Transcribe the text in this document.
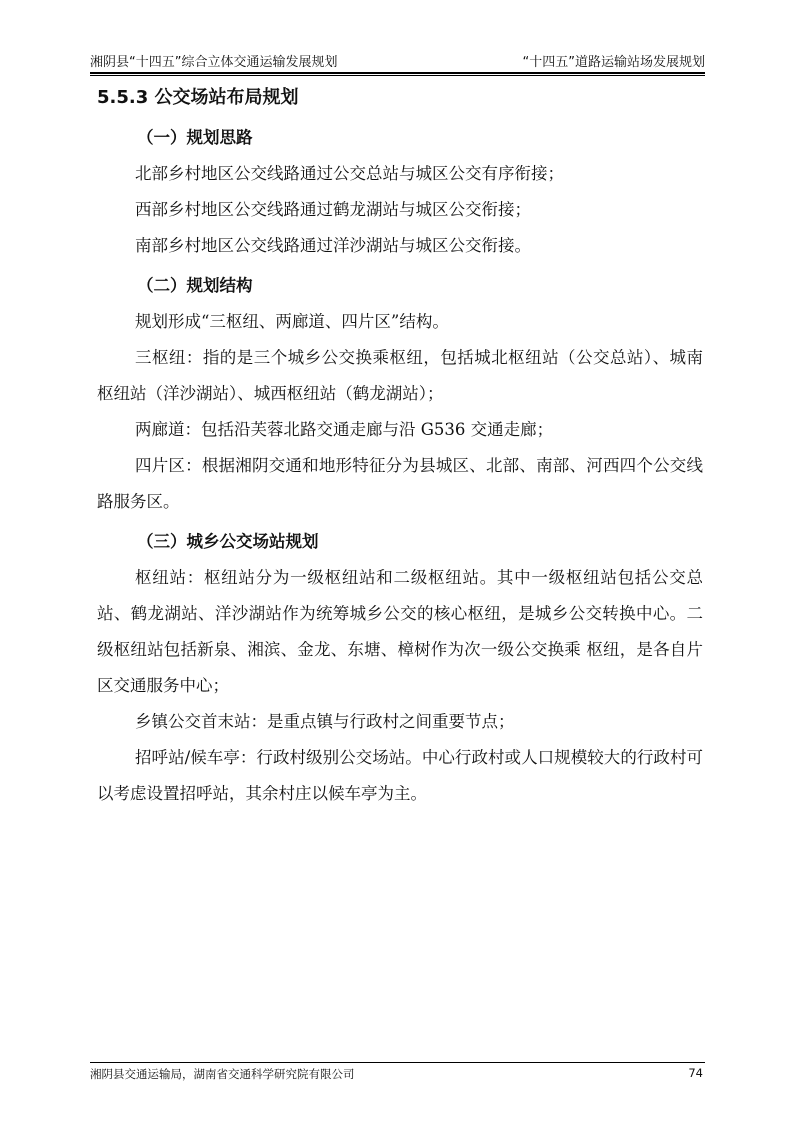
湘阴县“十四五”综合立体交通运输发展规划	“十四五”道路运输站场发展规划
5.5.3 公交场站布局规划
（一）规划思路

北部乡村地区公交线路通过公交总站与城区公交有序衔接；

西部乡村地区公交线路通过鹤龙湖站与城区公交衔接；

南部乡村地区公交线路通过洋沙湖站与城区公交衔接。

（二）规划结构

规划形成“三枢纽、两廊道、四片区”结构。

三枢纽：指的是三个城乡公交换乘枢纽，包括城北枢纽站（公交总站）、城南枢纽站（洋沙湖站）、城西枢纽站（鹤龙湖站）；

两廊道：包括沿芙蓉北路交通走廊与沿 G536 交通走廊；

四片区：根据湘阴交通和地形特征分为县城区、北部、南部、河西四个公交线路服务区。

（三）城乡公交场站规划

枢纽站：枢纽站分为一级枢纽站和二级枢纽站。其中一级枢纽站包括公交总站、鹤龙湖站、洋沙湖站作为统筹城乡公交的核心枢纽，是城乡公交转换中心。二级枢纽站包括新泉、湘滨、金龙、东塘、樟树作为次一级公交换乘 枢纽，是各自片区交通服务中心；

乡镇公交首末站：是重点镇与行政村之间重要节点；

招呼站/候车亭：行政村级别公交场站。中心行政村或人口规模较大的行政村可以考虑设置招呼站，其余村庄以候车亭为主。

湘阴县交通运输局，湖南省交通科学研究院有限公司	74
